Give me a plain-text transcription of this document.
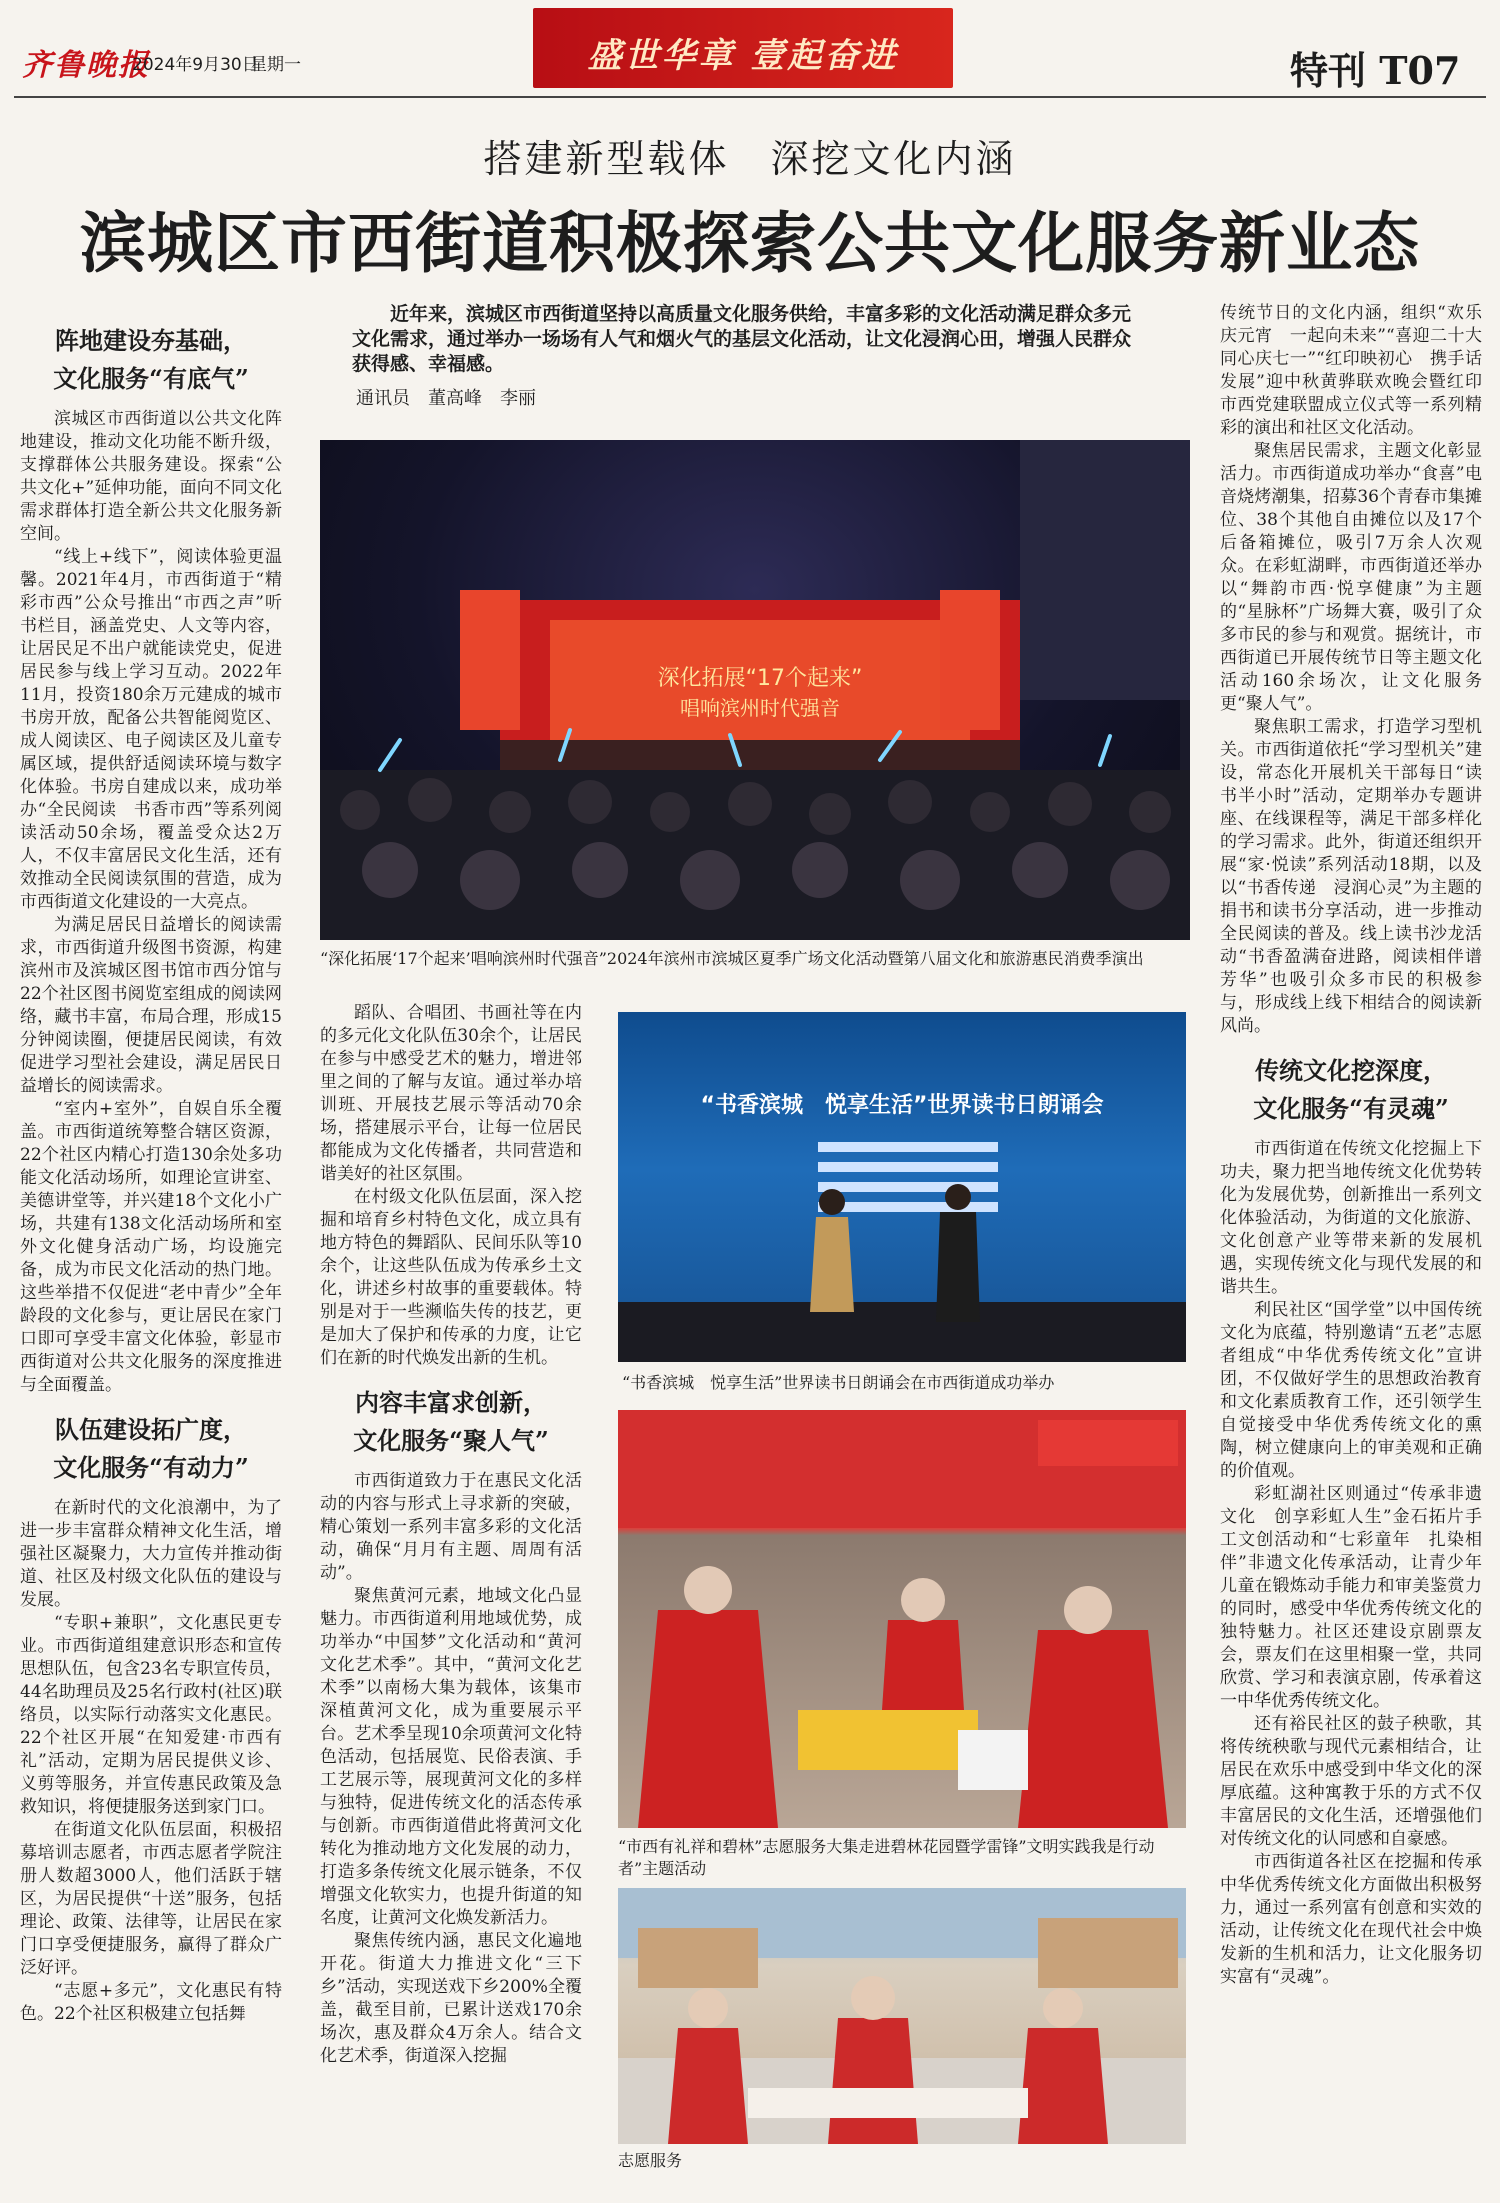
齐鲁晚报
2024年9月30日
星期一	盛世华章 壹起奋进	特刊 T07
搭建新型载体　深挖文化内涵
滨城区市西街道积极探索公共文化服务新业态
阵地建设夯基础，
文化服务“有底气”

滨城区市西街道以公共文化阵地建设，推动文化功能不断升级，支撑群体公共服务建设。探索“公共文化+”延伸功能，面向不同文化需求群体打造全新公共文化服务新空间。

“线上+线下”，阅读体验更温馨。2021年4月，市西街道于“精彩市西”公众号推出“市西之声”听书栏目，涵盖党史、人文等内容，让居民足不出户就能读党史，促进居民参与线上学习互动。2022年11月，投资180余万元建成的城市书房开放，配备公共智能阅览区、成人阅读区、电子阅读区及儿童专属区域，提供舒适阅读环境与数字化体验。书房自建成以来，成功举办“全民阅读　书香市西”等系列阅读活动50余场，覆盖受众达2万人，不仅丰富居民文化生活，还有效推动全民阅读氛围的营造，成为市西街道文化建设的一大亮点。

为满足居民日益增长的阅读需求，市西街道升级图书资源，构建滨州市及滨城区图书馆市西分馆与22个社区图书阅览室组成的阅读网络，藏书丰富，布局合理，形成15分钟阅读圈，便捷居民阅读，有效促进学习型社会建设，满足居民日益增长的阅读需求。

“室内+室外”，自娱自乐全覆盖。市西街道统筹整合辖区资源，22个社区内精心打造130余处多功能文化活动场所，如理论宣讲室、美德讲堂等，并兴建18个文化小广场，共建有138文化活动场所和室外文化健身活动广场，均设施完备，成为市民文化活动的热门地。这些举措不仅促进“老中青少”全年龄段的文化参与，更让居民在家门口即可享受丰富文化体验，彰显市西街道对公共文化服务的深度推进与全面覆盖。

队伍建设拓广度，
文化服务“有动力”

在新时代的文化浪潮中，为了进一步丰富群众精神文化生活，增强社区凝聚力，大力宣传并推动街道、社区及村级文化队伍的建设与发展。

“专职+兼职”，文化惠民更专业。市西街道组建意识形态和宣传思想队伍，包含23名专职宣传员，44名助理员及25名行政村(社区)联络员，以实际行动落实文化惠民。22个社区开展“在知爱建·市西有礼”活动，定期为居民提供义诊、义剪等服务，并宣传惠民政策及急救知识，将便捷服务送到家门口。

在街道文化队伍层面，积极招募培训志愿者，市西志愿者学院注册人数超3000人，他们活跃于辖区，为居民提供“十送”服务，包括理论、政策、法律等，让居民在家门口享受便捷服务，赢得了群众广泛好评。

“志愿+多元”，文化惠民有特色。22个社区积极建立包括舞

近年来，滨城区市西街道坚持以高质量文化服务供给，丰富多彩的文化活动满足群众多元文化需求，通过举办一场场有人气和烟火气的基层文化活动，让文化浸润心田，增强人民群众获得感、幸福感。
通讯员　董高峰　李丽
深化拓展“17个起来”
唱响滨州时代强音
“深化拓展‘17个起来’唱响滨州时代强音”2024年滨州市滨城区夏季广场文化活动暨第八届文化和旅游惠民消费季演出

蹈队、合唱团、书画社等在内的多元化文化队伍30余个，让居民在参与中感受艺术的魅力，增进邻里之间的了解与友谊。通过举办培训班、开展技艺展示等活动70余场，搭建展示平台，让每一位居民都能成为文化传播者，共同营造和谐美好的社区氛围。

在村级文化队伍层面，深入挖掘和培育乡村特色文化，成立具有地方特色的舞蹈队、民间乐队等10余个，让这些队伍成为传承乡土文化，讲述乡村故事的重要载体。特别是对于一些濒临失传的技艺，更是加大了保护和传承的力度，让它们在新的时代焕发出新的生机。

内容丰富求创新，
文化服务“聚人气”

市西街道致力于在惠民文化活动的内容与形式上寻求新的突破，精心策划一系列丰富多彩的文化活动，确保“月月有主题、周周有活动”。

聚焦黄河元素，地域文化凸显魅力。市西街道利用地域优势，成功举办“中国梦”文化活动和“黄河文化艺术季”。其中，“黄河文化艺术季”以南杨大集为载体，该集市深植黄河文化，成为重要展示平台。艺术季呈现10余项黄河文化特色活动，包括展览、民俗表演、手工艺展示等，展现黄河文化的多样与独特，促进传统文化的活态传承与创新。市西街道借此将黄河文化转化为推动地方文化发展的动力，打造多条传统文化展示链条，不仅增强文化软实力，也提升街道的知名度，让黄河文化焕发新活力。

聚焦传统内涵，惠民文化遍地开花。街道大力推进文化“三下乡”活动，实现送戏下乡200%全覆盖，截至目前，已累计送戏170余场次，惠及群众4万余人。结合文化艺术季，街道深入挖掘

“书香滨城　悦享生活”世界读书日朗诵会
“书香滨城　悦享生活”世界读书日朗诵会在市西街道成功举办
“市西有礼祥和碧林”志愿服务大集走进碧林花园暨学雷锋”文明实践我是行动者”主题活动
志愿服务

传统节日的文化内涵，组织“欢乐庆元宵　一起向未来”“喜迎二十大　同心庆七一”“红印映初心　携手话发展”迎中秋黄骅联欢晚会暨红印市西党建联盟成立仪式等一系列精彩的演出和社区文化活动。

聚焦居民需求，主题文化彰显活力。市西街道成功举办“食喜”电音烧烤潮集，招募36个青春市集摊位、38个其他自由摊位以及17个后备箱摊位，吸引7万余人次观众。在彩虹湖畔，市西街道还举办以“舞韵市西·悦享健康”为主题的“星脉杯”广场舞大赛，吸引了众多市民的参与和观赏。据统计，市西街道已开展传统节日等主题文化活动160余场次，让文化服务更“聚人气”。

聚焦职工需求，打造学习型机关。市西街道依托“学习型机关”建设，常态化开展机关干部每日“读书半小时”活动，定期举办专题讲座、在线课程等，满足干部多样化的学习需求。此外，街道还组织开展“家·悦读”系列活动18期，以及以“书香传递　浸润心灵”为主题的捐书和读书分享活动，进一步推动全民阅读的普及。线上读书沙龙活动“书香盈满奋进路，阅读相伴谱芳华”也吸引众多市民的积极参与，形成线上线下相结合的阅读新风尚。

传统文化挖深度，
文化服务“有灵魂”

市西街道在传统文化挖掘上下功夫，聚力把当地传统文化优势转化为发展优势，创新推出一系列文化体验活动，为街道的文化旅游、文化创意产业等带来新的发展机遇，实现传统文化与现代发展的和谐共生。

利民社区“国学堂”以中国传统文化为底蕴，特别邀请“五老”志愿者组成“中华优秀传统文化”宣讲团，不仅做好学生的思想政治教育和文化素质教育工作，还引领学生自觉接受中华优秀传统文化的熏陶，树立健康向上的审美观和正确的价值观。

彩虹湖社区则通过“传承非遗文化　创享彩虹人生”金石拓片手工文创活动和“七彩童年　扎染相伴”非遗文化传承活动，让青少年儿童在锻炼动手能力和审美鉴赏力的同时，感受中华优秀传统文化的独特魅力。社区还建设京剧票友会，票友们在这里相聚一堂，共同欣赏、学习和表演京剧，传承着这一中华优秀传统文化。

还有裕民社区的鼓子秧歌，其将传统秧歌与现代元素相结合，让居民在欢乐中感受到中华文化的深厚底蕴。这种寓教于乐的方式不仅丰富居民的文化生活，还增强他们对传统文化的认同感和自豪感。

市西街道各社区在挖掘和传承中华优秀传统文化方面做出积极努力，通过一系列富有创意和实效的活动，让传统文化在现代社会中焕发新的生机和活力，让文化服务切实富有“灵魂”。
